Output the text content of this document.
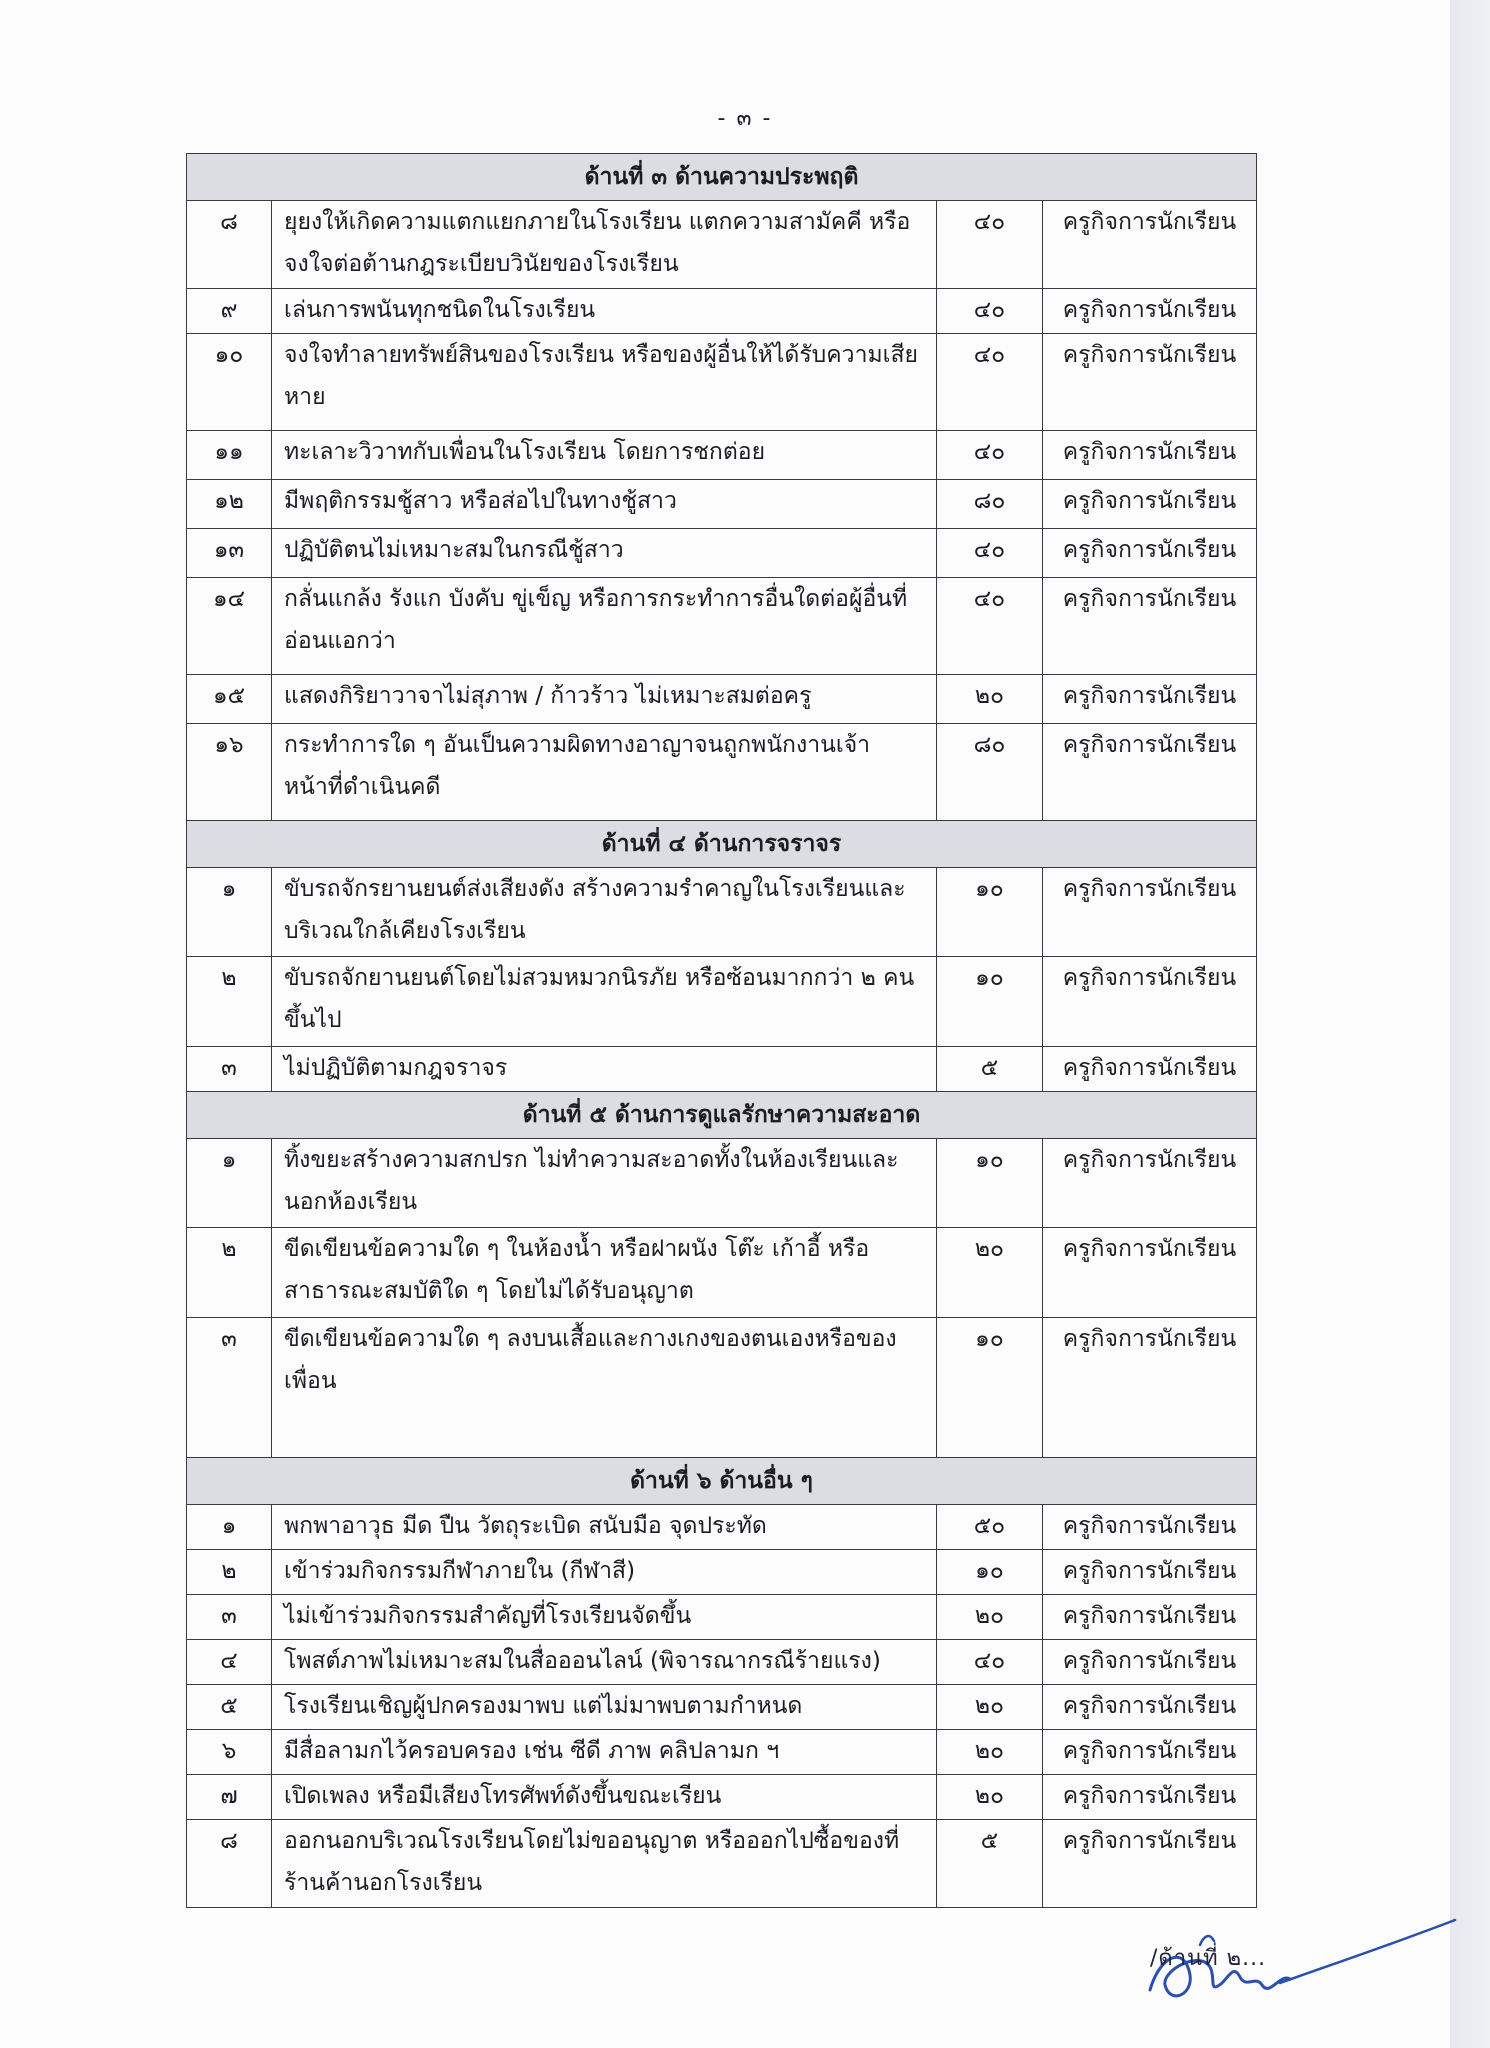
- ๓ -
ด้านที่ ๓ ด้านความประพฤติ			
๘	ยุยงให้เกิดความแตกแยกภายในโรงเรียน แตกความสามัคคี หรือจงใจต่อต้านกฎระเบียบวินัยของโรงเรียน	๔๐	ครูกิจการนักเรียน
๙	เล่นการพนันทุกชนิดในโรงเรียน	๔๐	ครูกิจการนักเรียน
๑๐	จงใจทำลายทรัพย์สินของโรงเรียน หรือของผู้อื่นให้ได้รับความเสียหาย	๔๐	ครูกิจการนักเรียน
๑๑	ทะเลาะวิวาทกับเพื่อนในโรงเรียน โดยการชกต่อย	๔๐	ครูกิจการนักเรียน
๑๒	มีพฤติกรรมชู้สาว หรือส่อไปในทางชู้สาว	๘๐	ครูกิจการนักเรียน
๑๓	ปฏิบัติตนไม่เหมาะสมในกรณีชู้สาว	๔๐	ครูกิจการนักเรียน
๑๔	กลั่นแกล้ง รังแก บังคับ ขู่เข็ญ หรือการกระทำการอื่นใดต่อผู้อื่นที่อ่อนแอกว่า	๔๐	ครูกิจการนักเรียน
๑๕	แสดงกิริยาวาจาไม่สุภาพ / ก้าวร้าว ไม่เหมาะสมต่อครู	๒๐	ครูกิจการนักเรียน
๑๖	กระทำการใด ๆ อันเป็นความผิดทางอาญาจนถูกพนักงานเจ้าหน้าที่ดำเนินคดี	๘๐	ครูกิจการนักเรียน
ด้านที่ ๔ ด้านการจราจร			
๑	ขับรถจักรยานยนต์ส่งเสียงดัง สร้างความรำคาญในโรงเรียนและบริเวณใกล้เคียงโรงเรียน	๑๐	ครูกิจการนักเรียน
๒	ขับรถจักยานยนต์โดยไม่สวมหมวกนิรภัย หรือซ้อนมากกว่า ๒ คนขึ้นไป	๑๐	ครูกิจการนักเรียน
๓	ไม่ปฏิบัติตามกฎจราจร	๕	ครูกิจการนักเรียน
ด้านที่ ๕ ด้านการดูแลรักษาความสะอาด			
๑	ทิ้งขยะสร้างความสกปรก ไม่ทำความสะอาดทั้งในห้องเรียนและนอกห้องเรียน	๑๐	ครูกิจการนักเรียน
๒	ขีดเขียนข้อความใด ๆ ในห้องน้ำ หรือฝาผนัง โต๊ะ เก้าอี้ หรือสาธารณะสมบัติใด ๆ โดยไม่ได้รับอนุญาต	๒๐	ครูกิจการนักเรียน
๓	ขีดเขียนข้อความใด ๆ ลงบนเสื้อและกางเกงของตนเองหรือของเพื่อน	๑๐	ครูกิจการนักเรียน
ด้านที่ ๖ ด้านอื่น ๆ			
๑	พกพาอาวุธ มีด ปืน วัตถุระเบิด สนับมือ จุดประทัด	๕๐	ครูกิจการนักเรียน
๒	เข้าร่วมกิจกรรมกีฬาภายใน (กีฬาสี)	๑๐	ครูกิจการนักเรียน
๓	ไม่เข้าร่วมกิจกรรมสำคัญที่โรงเรียนจัดขึ้น	๒๐	ครูกิจการนักเรียน
๔	โพสต์ภาพไม่เหมาะสมในสื่อออนไลน์ (พิจารณากรณีร้ายแรง)	๔๐	ครูกิจการนักเรียน
๕	โรงเรียนเชิญผู้ปกครองมาพบ แต่ไม่มาพบตามกำหนด	๒๐	ครูกิจการนักเรียน
๖	มีสื่อลามกไว้ครอบครอง เช่น ซีดี ภาพ คลิปลามก ฯ	๒๐	ครูกิจการนักเรียน
๗	เปิดเพลง หรือมีเสียงโทรศัพท์ดังขึ้นขณะเรียน	๒๐	ครูกิจการนักเรียน
๘	ออกนอกบริเวณโรงเรียนโดยไม่ขออนุญาต หรือออกไปซื้อของที่ร้านค้านอกโรงเรียน	๕	ครูกิจการนักเรียน
/ด้านที่ ๒...
